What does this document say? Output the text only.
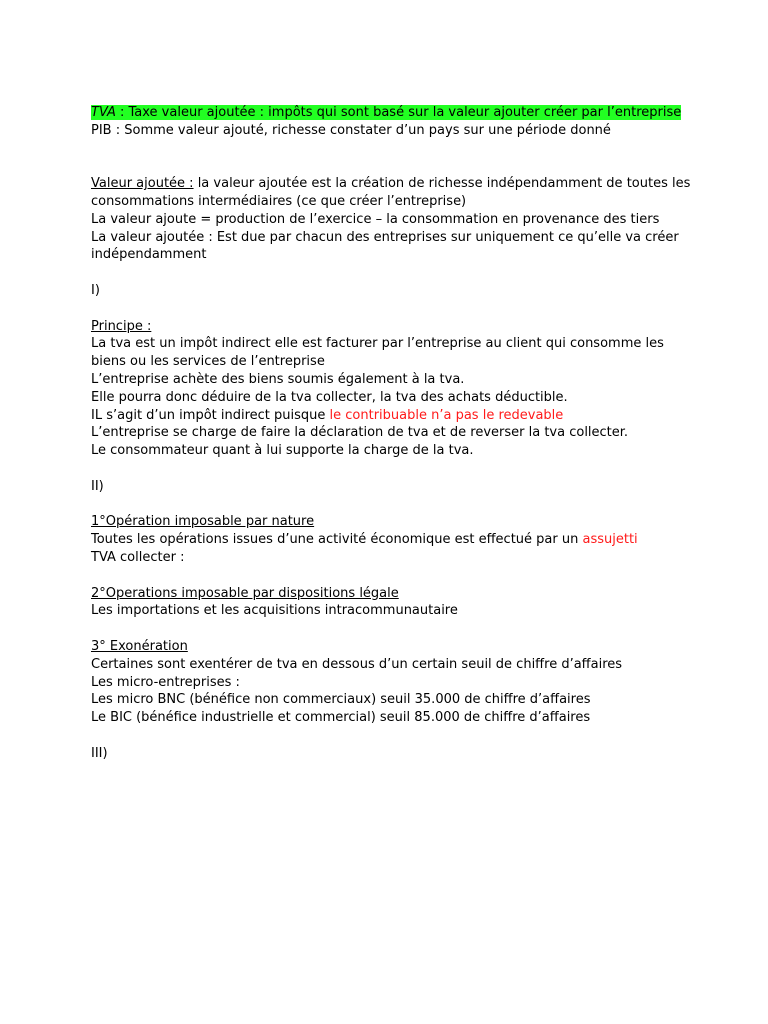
TVA : Taxe valeur ajoutée : impôts qui sont basé sur la valeur ajouter créer par l’entreprise
PIB : Somme valeur ajouté, richesse constater d’un pays sur une période donné
Valeur ajoutée : la valeur ajoutée est la création de richesse indépendamment de toutes les consommations intermédiaires (ce que créer l’entreprise)
La valeur ajoute = production de l’exercice – la consommation en provenance des tiers
La valeur ajoutée : Est due par chacun des entreprises sur uniquement ce qu’elle va créer indépendamment
I)
Principe :
La tva est un impôt indirect elle est facturer par l’entreprise au client qui consomme les biens ou les services de l’entreprise
L’entreprise achète des biens soumis également à la tva.
Elle pourra donc déduire de la tva collecter, la tva des achats déductible.
IL s’agit d’un impôt indirect puisque le contribuable n’a pas le redevable
L’entreprise se charge de faire la déclaration de tva et de reverser la tva collecter.
Le consommateur quant à lui supporte la charge de la tva.
II)
1°Opération imposable par nature
Toutes les opérations issues d’une activité économique est effectué par un assujetti
TVA collecter :
2°Operations imposable par dispositions légale
Les importations et les acquisitions intracommunautaire
3° Exonération
Certaines sont exentérer de tva en dessous d’un certain seuil de chiffre d’affaires
Les micro-entreprises :
Les micro BNC (bénéfice non commerciaux) seuil 35.000 de chiffre d’affaires
Le BIC (bénéfice industrielle et commercial) seuil 85.000 de chiffre d’affaires
III)
